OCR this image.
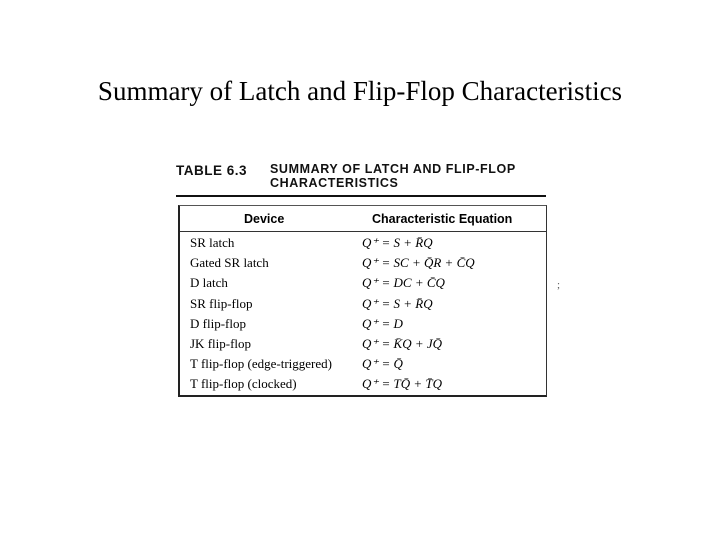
Summary of Latch and Flip-Flop Characteristics
TABLE 6.3 SUMMARY OF LATCH AND FLIP-FLOP
CHARACTERISTICS
Device	Characteristic Equation
SR latch	Q⁺ = S + R̄Q
Gated SR latch	Q⁺ = SC + Q̄R + C̄Q
D latch	Q⁺ = DC + C̄Q
SR flip-flop	Q⁺ = S + R̄Q
D flip-flop	Q⁺ = D
JK flip-flop	Q⁺ = K̄Q + JQ̄
T flip-flop (edge-triggered) Q⁺ = Q̄
T flip-flop (clocked)	Q⁺ = TQ̄ + T̄Q
;
